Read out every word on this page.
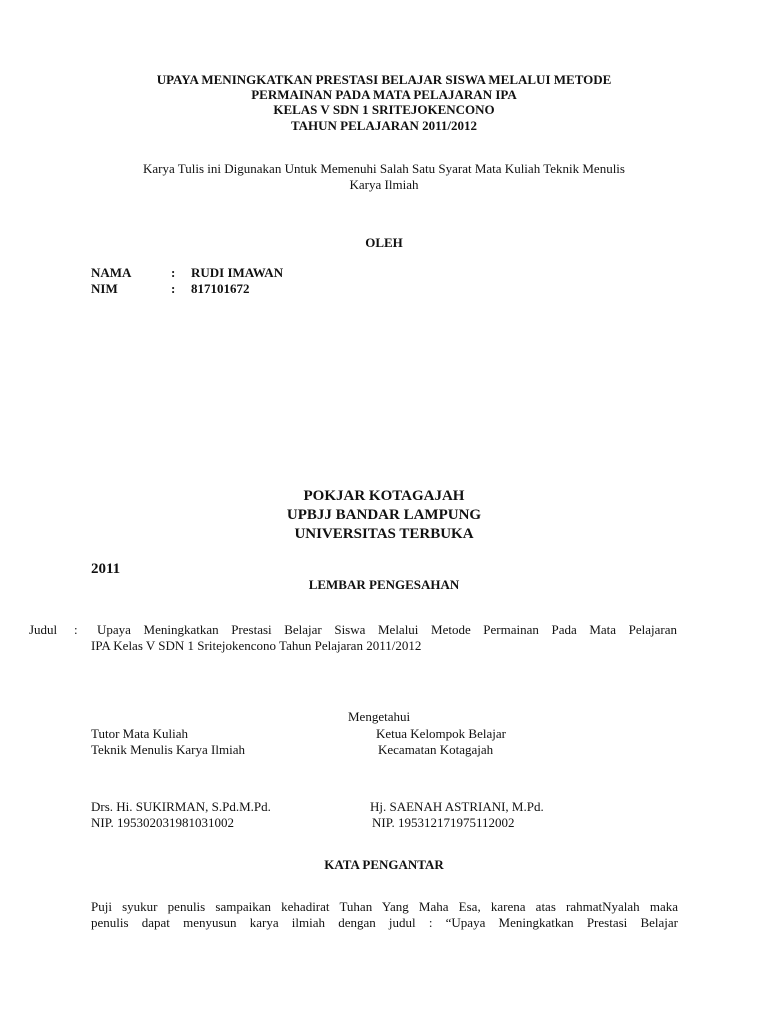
UPAYA MENINGKATKAN PRESTASI BELAJAR SISWA MELALUI METODE
PERMAINAN PADA MATA PELAJARAN IPA
KELAS V SDN 1 SRITEJOKENCONO
TAHUN PELAJARAN 2011/2012
Karya Tulis ini Digunakan Untuk Memenuhi Salah Satu Syarat Mata Kuliah Teknik Menulis
Karya Ilmiah
OLEH
NAMA	: RUDI IMAWAN
NIM	: 817101672
POKJAR KOTAGAJAH
UPBJJ BANDAR LAMPUNG
UNIVERSITAS TERBUKA
2011
LEMBAR PENGESAHAN
Judul : Upaya Meningkatkan Prestasi Belajar Siswa Melalui Metode Permainan Pada Mata Pelajaran
IPA Kelas V SDN 1 Sritejokencono Tahun Pelajaran 2011/2012
Mengetahui
Tutor Mata Kuliah
Teknik Menulis Karya Ilmiah
Ketua Kelompok Belajar
Kecamatan Kotagajah
Drs. Hi. SUKIRMAN, S.Pd.M.Pd.
NIP. 195302031981031002
Hj. SAENAH ASTRIANI, M.Pd.
NIP. 195312171975112002
KATA PENGANTAR
Puji syukur penulis sampaikan kehadirat Tuhan Yang Maha Esa, karena atas rahmatNyalah maka
penulis dapat menyusun karya ilmiah dengan judul : “Upaya Meningkatkan Prestasi Belajar
